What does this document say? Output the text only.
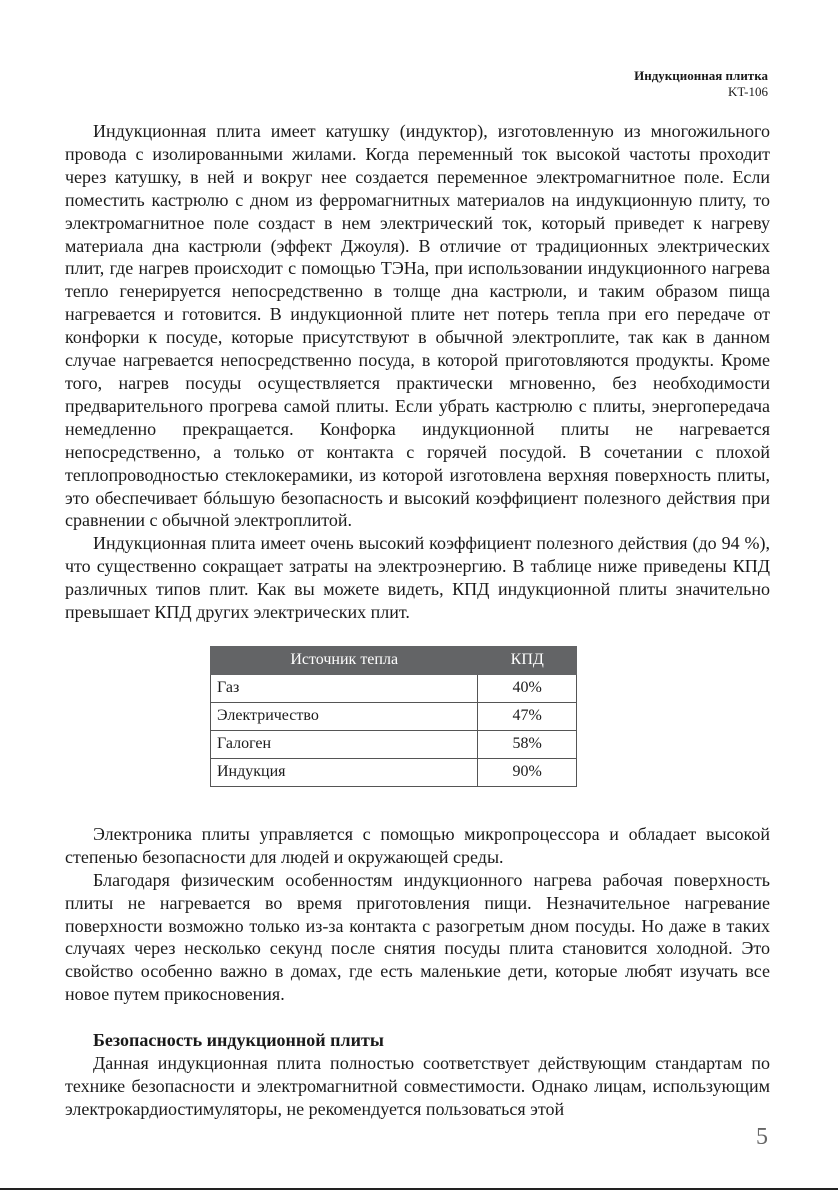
Индукционная плитка
KT-106

Индукционная плита имеет катушку (индуктор), изготовленную из многожильного провода с изолированными жилами. Когда переменный ток высокой частоты проходит через катушку, в ней и вокруг нее создается переменное электромагнитное поле. Если поместить кастрюлю с дном из ферромагнитных материалов на индукционную плиту, то электромагнитное поле создаст в нем электрический ток, который приведет к нагреву материала дна кастрюли (эффект Джоуля). В отличие от традиционных электрических плит, где нагрев происходит с помощью ТЭНа, при использовании индукционного нагрева тепло генерируется непосредственно в толще дна кастрюли, и таким образом пища нагревается и готовится. В индукционной плите нет потерь тепла при его передаче от конфорки к посуде, которые присутствуют в обычной электроплите, так как в данном случае нагревается непосредственно посуда, в которой приготовляются продукты. Кроме того, нагрев посуды осуществляется практически мгновенно, без необходимости предварительного прогрева самой плиты. Если убрать кастрюлю с плиты, энергопередача немедленно прекращается. Конфорка индукционной плиты не нагревается непосредственно, а только от контакта с горячей посудой. В сочетании с плохой теплопроводностью стеклокерамики, из которой изготовлена верхняя поверхность плиты, это обеспечивает бóльшую безопасность и высокий коэффициент полезного действия при сравнении с обычной электроплитой.

Индукционная плита имеет очень высокий коэффициент полезного действия (до 94 %), что существенно сокращает затраты на электроэнергию. В таблице ниже приведены КПД различных типов плит. Как вы можете видеть, КПД индукционной плиты значительно превышает КПД других электрических плит.

Источник тепла	КПД
Газ	40%
Электричество	47%
Галоген	58%
Индукция	90%

Электроника плиты управляется с помощью микропроцессора и обладает высокой степенью безопасности для людей и окружающей среды.

Благодаря физическим особенностям индукционного нагрева рабочая поверхность плиты не нагревается во время приготовления пищи. Незначительное нагревание поверхности возможно только из-за контакта с разогретым дном посуды. Но даже в таких случаях через несколько секунд после снятия посуды плита становится холодной. Это свойство особенно важно в домах, где есть маленькие дети, которые любят изучать все новое путем прикосновения.

Безопасность индукционной плиты

Данная индукционная плита полностью соответствует действующим стандартам по технике безопасности и электромагнитной совместимости. Однако лицам, использующим электрокардиостимуляторы, не рекомендуется пользоваться этой

5
